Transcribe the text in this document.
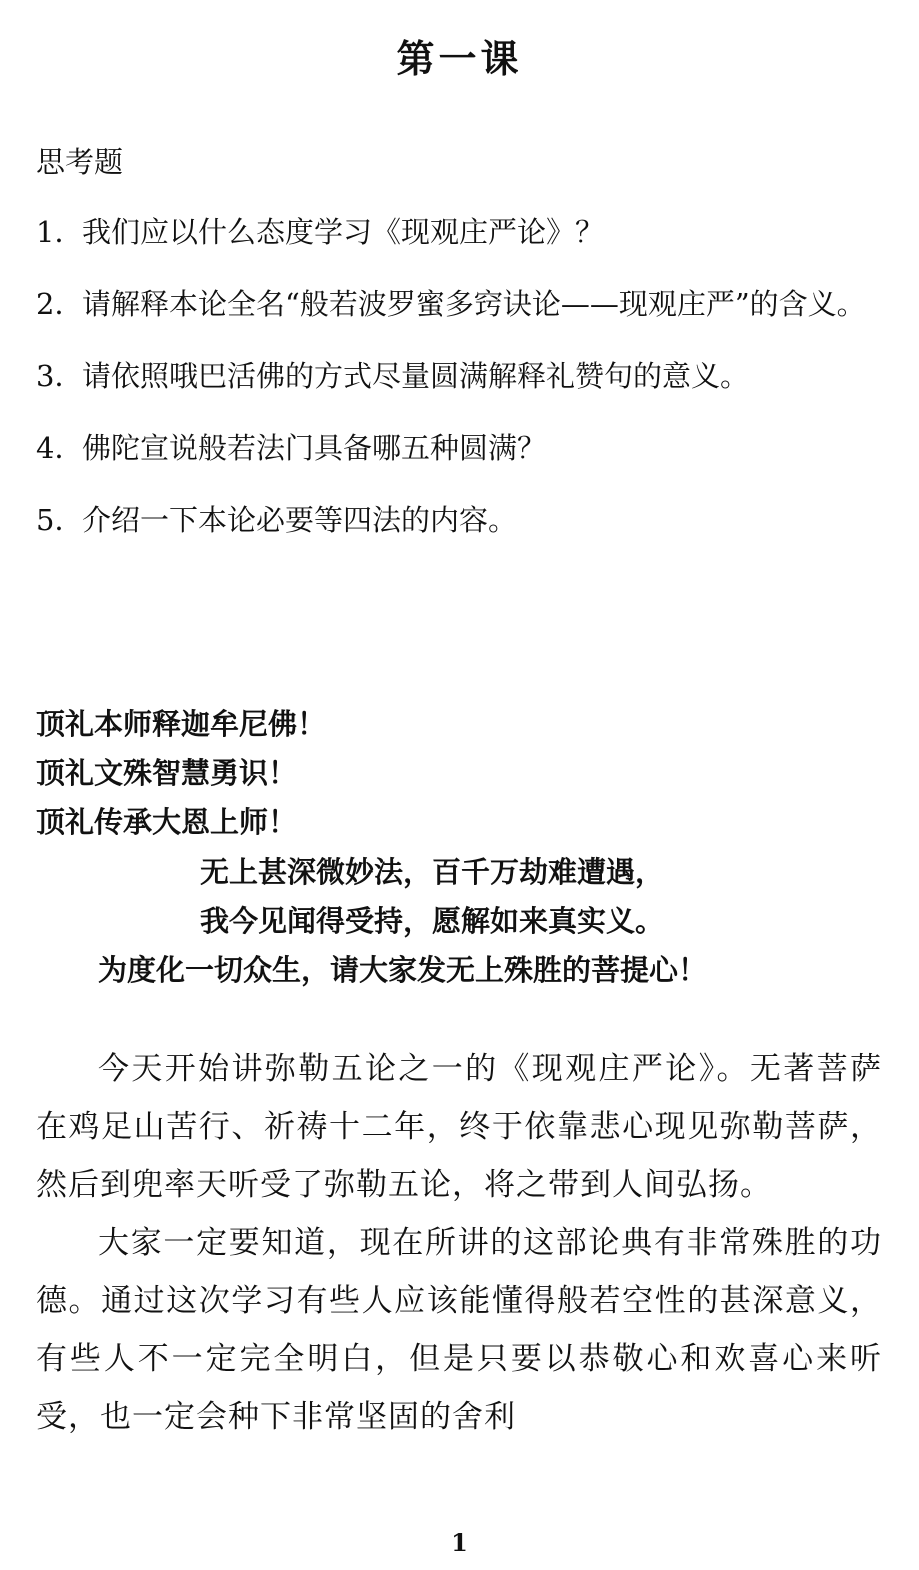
第一课
思考题
1．
我们应以什么态度学习《现观庄严论》？
2．
请解释本论全名“般若波罗蜜多窍诀论——现观庄严”的含义。
3．
请依照哦巴活佛的方式尽量圆满解释礼赞句的意义。
4．
佛陀宣说般若法门具备哪五种圆满？
5．
介绍一下本论必要等四法的内容。
顶礼本师释迦牟尼佛！
顶礼文殊智慧勇识！
顶礼传承大恩上师！
无上甚深微妙法，百千万劫难遭遇，
我今见闻得受持，愿解如来真实义。
为度化一切众生，请大家发无上殊胜的菩提心！

今天开始讲弥勒五论之一的《现观庄严论》。无著菩萨在鸡足山苦行、祈祷十二年，终于依靠悲心现见弥勒菩萨，然后到兜率天听受了弥勒五论，将之带到人间弘扬。

大家一定要知道，现在所讲的这部论典有非常殊胜的功德。通过这次学习有些人应该能懂得般若空性的甚深意义，有些人不一定完全明白，但是只要以恭敬心和欢喜心来听受，也一定会种下非常坚固的舍利

1
